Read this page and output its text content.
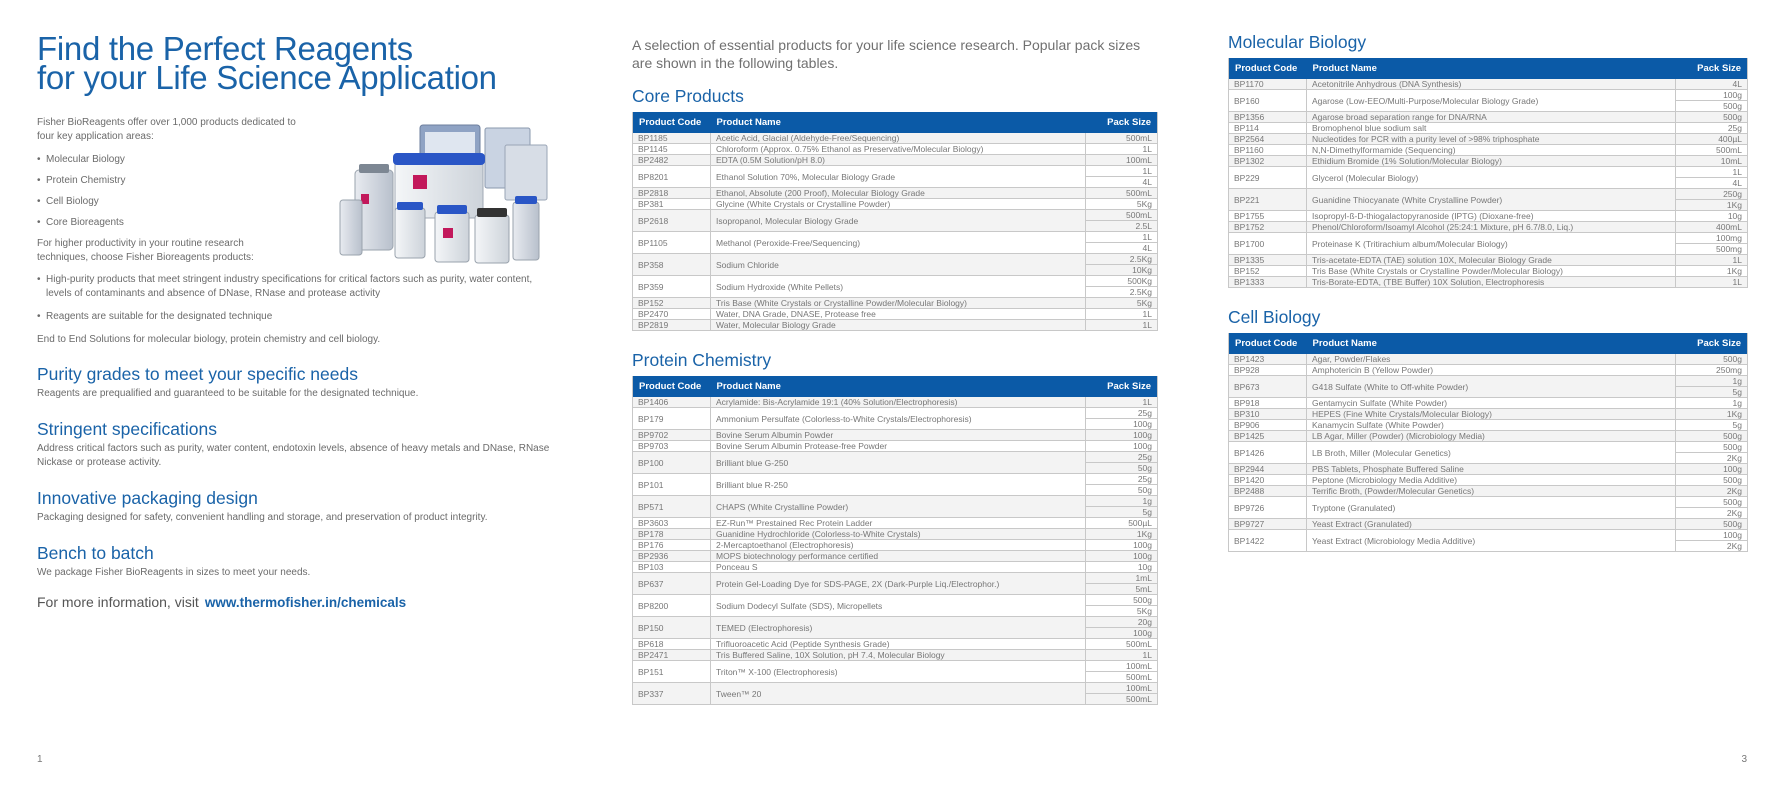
Find the Perfect Reagents
for your Life Science Application

Fisher BioReagents offer over 1,000 products dedicated to four key application areas:

• Molecular Biology
• Protein Chemistry
• Cell Biology
• Core Bioreagents

For higher productivity in your routine research techniques, choose Fisher Bioreagents products:

• High-purity products that meet stringent industry specifications for critical factors such as purity, water content, levels of contaminants and absence of DNase, RNase and protease activity
• Reagents are suitable for the designated technique

End to End Solutions for molecular biology, protein chemistry and cell biology.

Purity grades to meet your specific needs

Reagents are prequalified and guaranteed to be suitable for the designated technique.

Stringent specifications

Address critical factors such as purity, water content, endotoxin levels, absence of heavy metals and DNase, RNase Nickase or protease activity.

Innovative packaging design

Packaging designed for safety, convenient handling and storage, and preservation of product integrity.

Bench to batch

We package Fisher BioReagents in sizes to meet your needs.

For more information, visit www.thermofisher.in/chemicals

1	3

A selection of essential products for your life science research. Popular pack sizes are shown in the following tables.

Core Products
Product Code	Product Name	Pack Size
BP1185	Acetic Acid, Glacial (Aldehyde-Free/Sequencing)	500mL

BP1145	Chloroform (Approx. 0.75% Ethanol as Preservative/Molecular Biology)	1L

BP2482	EDTA (0.5M Solution/pH 8.0)	100mL

BP8201	Ethanol Solution 70%, Molecular Biology Grade	1L
4L

BP2818	Ethanol, Absolute (200 Proof), Molecular Biology Grade	500mL

BP381	Glycine (White Crystals or Crystalline Powder)	5Kg

BP2618	Isopropanol, Molecular Biology Grade	500mL
2.5L

BP1105	Methanol (Peroxide-Free/Sequencing)	1L
4L

BP358	Sodium Chloride	2.5Kg
10Kg

BP359	Sodium Hydroxide (White Pellets)	500Kg
2.5Kg

BP152	Tris Base (White Crystals or Crystalline Powder/Molecular Biology)	5Kg

BP2470	Water, DNA Grade, DNASE, Protease free	1L

BP2819	Water, Molecular Biology Grade	1L
Protein Chemistry
Product Code	Product Name	Pack Size
BP1406	Acrylamide: Bis-Acrylamide 19:1 (40% Solution/Electrophoresis)	1L

BP179	Ammonium Persulfate (Colorless-to-White Crystals/Electrophoresis)	25g
100g

BP9702	Bovine Serum Albumin Powder	100g

BP9703	Bovine Serum Albumin Protease-free Powder	100g

BP100	Brilliant blue G-250	25g
50g

BP101	Brilliant blue R-250	25g
50g

BP571	CHAPS (White Crystalline Powder)	1g
5g

BP3603	EZ-Run™ Prestained Rec Protein Ladder	500µL

BP178	Guanidine Hydrochloride (Colorless-to-White Crystals)	1Kg

BP176	2-Mercaptoethanol (Electrophoresis)	100g

BP2936	MOPS biotechnology performance certified	100g

BP103	Ponceau S	10g

BP637	Protein Gel-Loading Dye for SDS-PAGE, 2X (Dark-Purple Liq./Electrophor.)	1mL
5mL

BP8200	Sodium Dodecyl Sulfate (SDS), Micropellets	500g
5Kg

BP150	TEMED (Electrophoresis)	20g
100g

BP618	Trifluoroacetic Acid (Peptide Synthesis Grade)	500mL

BP2471	Tris Buffered Saline, 10X Solution, pH 7.4, Molecular Biology	1L

BP151	Triton™ X-100 (Electrophoresis)	100mL
500mL

BP337	Tween™ 20	100mL
500mL
Molecular Biology
Product Code	Product Name	Pack Size
BP1170	Acetonitrile Anhydrous (DNA Synthesis)	4L

BP160	Agarose (Low-EEO/Multi-Purpose/Molecular Biology Grade)	100g
500g

BP1356	Agarose broad separation range for DNA/RNA	500g

BP114	Bromophenol blue sodium salt	25g

BP2564	Nucleotides for PCR with a purity level of >98% triphosphate	400µL

BP1160	N,N-Dimethylformamide (Sequencing)	500mL

BP1302	Ethidium Bromide (1% Solution/Molecular Biology)	10mL

BP229	Glycerol (Molecular Biology)	1L
4L

BP221	Guanidine Thiocyanate (White Crystalline Powder)	250g
1Kg

BP1755	Isopropyl-ß-D-thiogalactopyranoside (IPTG) (Dioxane-free)	10g

BP1752	Phenol/Chloroform/Isoamyl Alcohol (25:24:1 Mixture, pH 6.7/8.0, Liq.)	400mL

BP1700	Proteinase K (Tritirachium album/Molecular Biology)	100mg
500mg

BP1335	Tris-acetate-EDTA (TAE) solution 10X, Molecular Biology Grade	1L

BP152	Tris Base (White Crystals or Crystalline Powder/Molecular Biology)	1Kg

BP1333	Tris-Borate-EDTA, (TBE Buffer) 10X Solution, Electrophoresis	1L
Cell Biology
Product Code	Product Name	Pack Size
BP1423	Agar, Powder/Flakes	500g

BP928	Amphotericin B (Yellow Powder)	250mg

BP673	G418 Sulfate (White to Off-white Powder)	1g
5g

BP918	Gentamycin Sulfate (White Powder)	1g

BP310	HEPES (Fine White Crystals/Molecular Biology)	1Kg

BP906	Kanamycin Sulfate (White Powder)	5g

BP1425	LB Agar, Miller (Powder) (Microbiology Media)	500g

BP1426	LB Broth, Miller (Molecular Genetics)	500g
2Kg

BP2944	PBS Tablets, Phosphate Buffered Saline	100g

BP1420	Peptone (Microbiology Media Additive)	500g

BP2488	Terrific Broth, (Powder/Molecular Genetics)	2Kg

BP9726	Tryptone (Granulated)	500g
2Kg

BP9727	Yeast Extract (Granulated)	500g

BP1422	Yeast Extract (Microbiology Media Additive)	100g
2Kg
